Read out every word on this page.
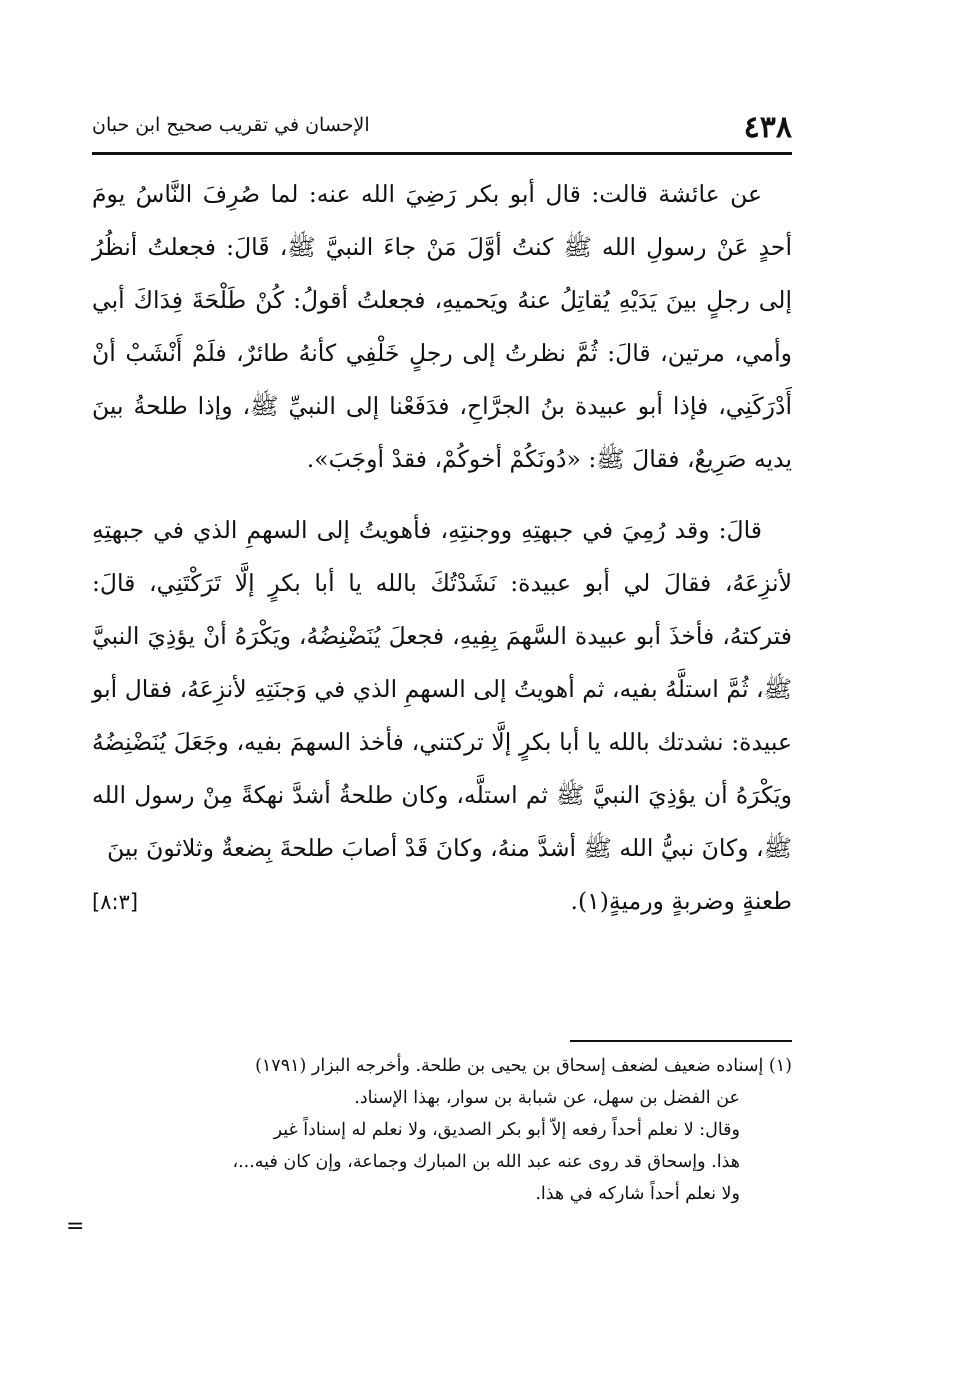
٤٣٨
الإحسان في تقريب صحيح ابن حبان

عن عائشة قالت: قال أبو بكر رَضِيَ الله عنه: لما صُرِفَ النَّاسُ يومَ أحدٍ عَنْ رسولِ الله ﷺ كنتُ أوَّلَ مَنْ جاءَ النبيَّ ﷺ، قَالَ: فجعلتُ أنظُرُ إلى رجلٍ بينَ يَدَيْهِ يُقاتِلُ عنهُ ويَحميهِ، فجعلتُ أقولُ: كُنْ طَلْحَةَ فِدَاكَ أبي وأمي، مرتين، قالَ: ثُمَّ نظرتُ إلى رجلٍ خَلْفِي كأنهُ طائرٌ، فلَمْ أَنْشَبْ أنْ أَدْرَكَنِي، فإذا أبو عبيدة بنُ الجرَّاحِ، فدَفَعْنا إلى النبيِّ ﷺ، وإذا طلحةُ بينَ يديه صَرِيعٌ، فقالَ ﷺ: «دُونَكُمْ أخوكُمْ، فقدْ أوجَبَ».

قالَ: وقد رُمِيَ في جبهتِهِ ووجنتِهِ، فأهويتُ إلى السهمِ الذي في جبهتِهِ لأنزِعَهُ، فقالَ لي أبو عبيدة: نَشَدْتُكَ بالله يا أبا بكرٍ إلَّا تَرَكْتَنِي، قالَ: فتركتهُ، فأخذَ أبو عبيدة السَّهمَ بِفِيهِ، فجعلَ يُنَضْنِضُهُ، ويَكْرَهُ أنْ يؤذِيَ النبيَّ ﷺ، ثُمَّ استلَّهُ بفيه، ثم أهويتُ إلى السهمِ الذي في وَجنَتِهِ لأنزِعَهُ، فقال أبو عبيدة: نشدتك بالله يا أبا بكرٍ إلَّا تركتني، فأخذ السهمَ بفيه، وجَعَلَ يُنَضْنِضُهُ ويَكْرَهُ أن يؤذِيَ النبيَّ ﷺ ثم استلَّه، وكان طلحةُ أشدَّ نهكةً مِنْ رسول الله ﷺ، وكانَ نبيُّ الله ﷺ أشدَّ منهُ، وكانَ قَدْ أصابَ طلحةَ بِضعةٌ وثلاثونَ بينَ

طعنةٍ وضربةٍ ورميةٍ(١).
[٨:٣]

(١) إسناده ضعيف لضعف إسحاق بن يحيى بن طلحة. وأخرجه البزار (١٧٩١)

عن الفضل بن سهل، عن شبابة بن سوار، بهذا الإسناد.

وقال: لا نعلم أحداً رفعه إلاّ أبو بكر الصديق، ولا نعلم له إسناداً غير

هذا. وإسحاق قد روى عنه عبد الله بن المبارك وجماعة، وإن كان فيه...،

ولا نعلم أحداً شاركه في هذا.

=
